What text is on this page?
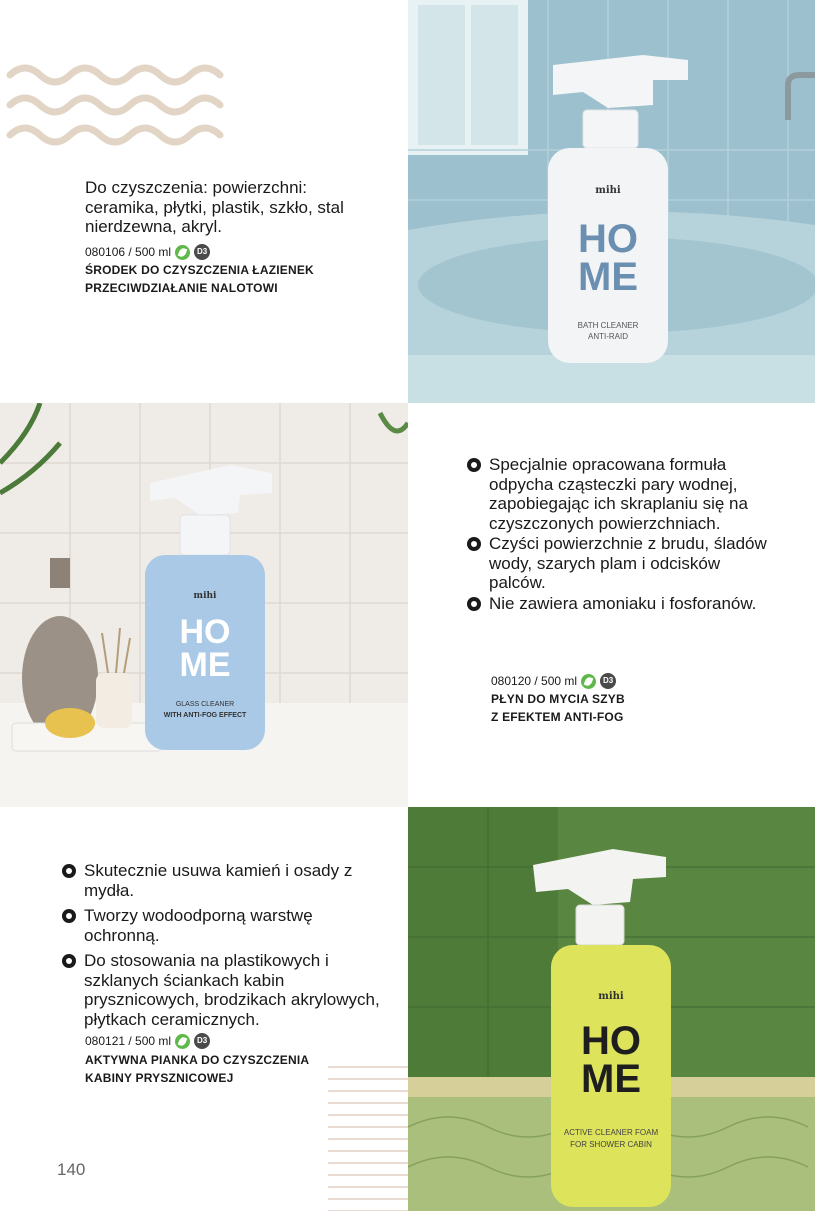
Do czyszczenia: powierzchni: ceramika, płytki, plastik, szkło, stal nierdzewna, akryl.
080106 / 500 ml	D3
ŚRODEK DO CZYSZCZENIA ŁAZIENEK
PRZECIWDZIAŁANIE NALOTOWI
mihi
HO
ME
BATH CLEANER
ANTI-RAID
mihi
HO
ME
GLASS CLEANER
WITH ANTI-FOG EFFECT
Specjalnie opracowana formuła odpycha cząsteczki pary wodnej, zapobiegając ich skraplaniu się na czyszczonych powierzchniach.
Czyści powierzchnie z brudu, śladów wody, szarych plam i odcisków palców.
Nie zawiera amoniaku i fosforanów.
080120 / 500 ml	D3
PŁYN DO MYCIA SZYB
Z EFEKTEM ANTI-FOG
Skutecznie usuwa kamień i osady z mydła.
Tworzy wodoodporną warstwę ochronną.
Do stosowania na plastikowych i szklanych ściankach kabin prysznicowych, brodzikach akrylowych, płytkach ceramicznych.
080121 / 500 ml	D3
AKTYWNA PIANKA DO CZYSZCZENIA
KABINY PRYSZNICOWEJ
mihi
HO
ME
ACTIVE CLEANER FOAM
FOR SHOWER CABIN
140
